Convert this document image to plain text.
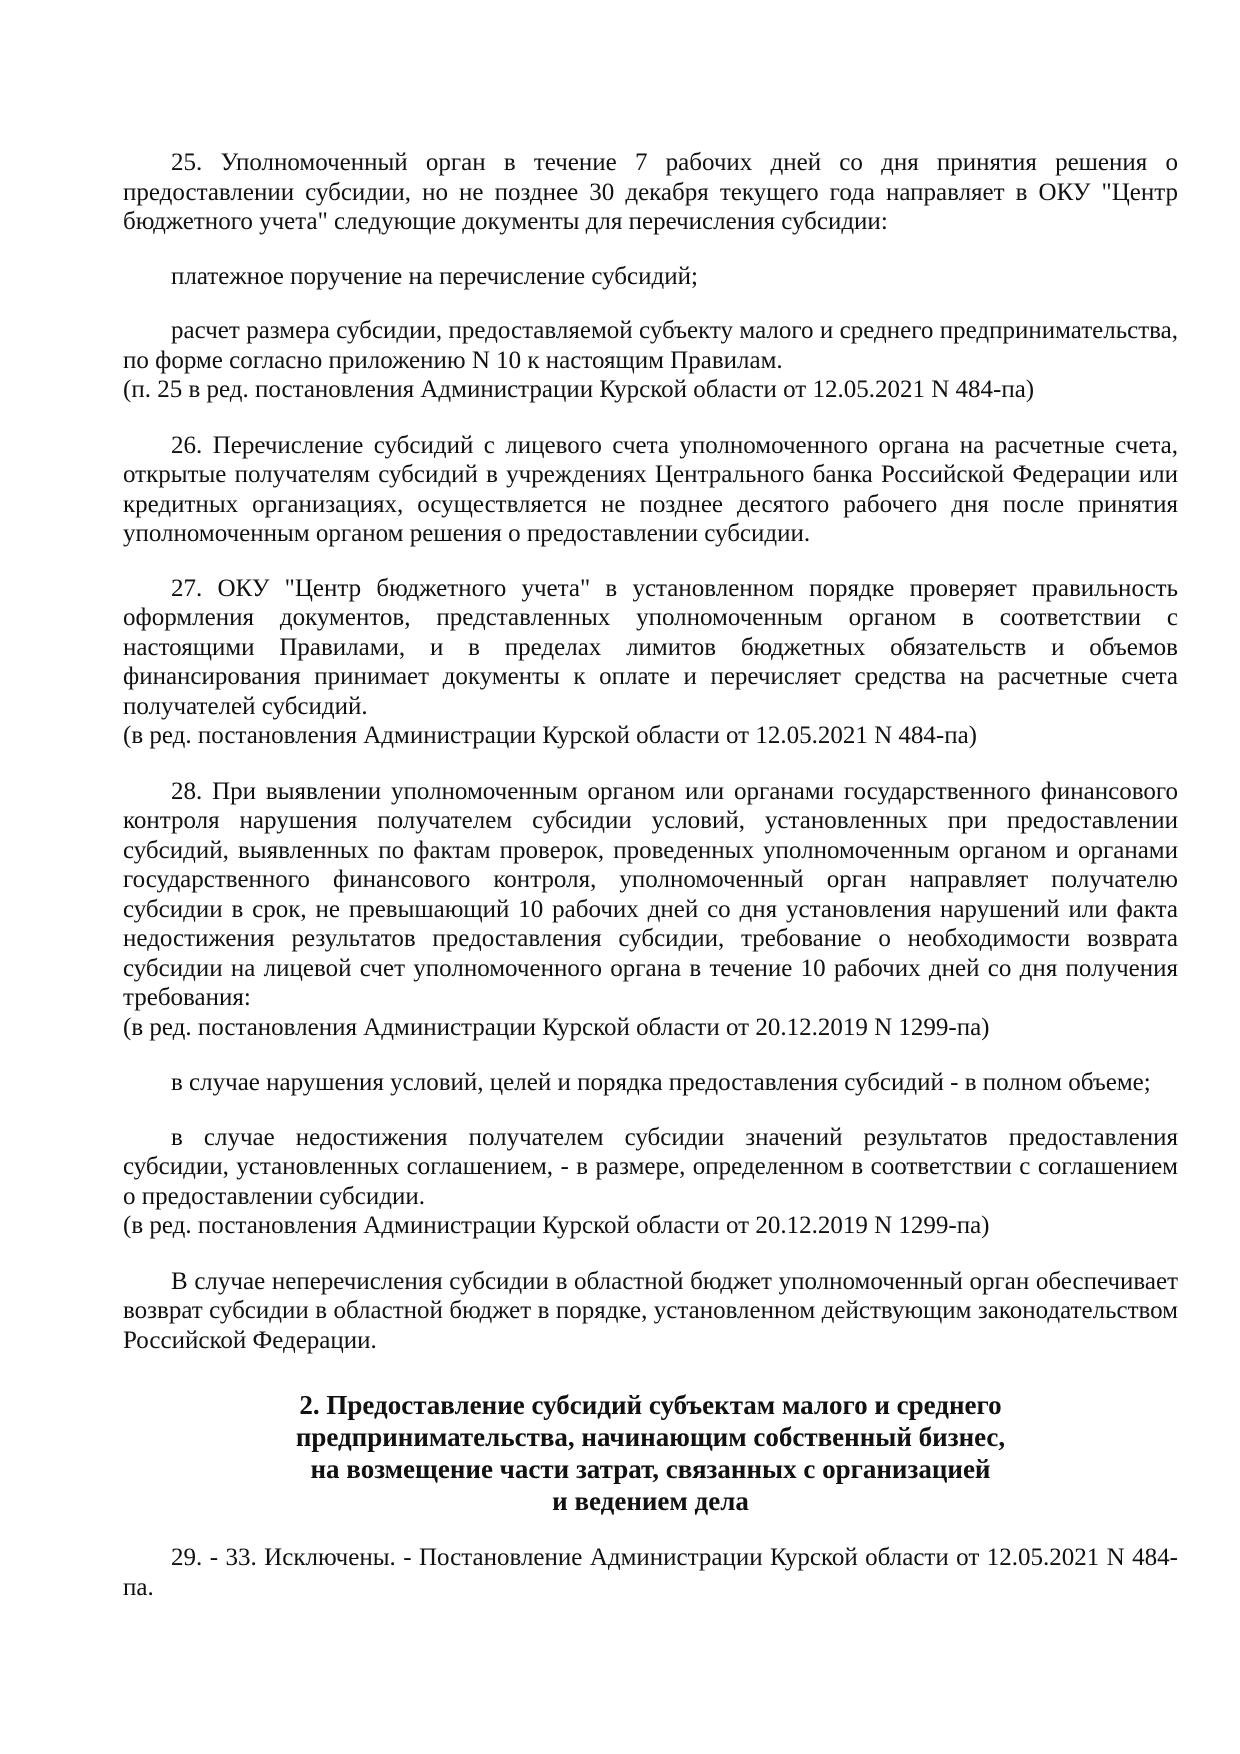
25. Уполномоченный орган в течение 7 рабочих дней со дня принятия решения о предоставлении субсидии, но не позднее 30 декабря текущего года направляет в ОКУ "Центр бюджетного учета" следующие документы для перечисления субсидии:

платежное поручение на перечисление субсидий;

расчет размера субсидии, предоставляемой субъекту малого и среднего предпринимательства, по форме согласно приложению N 10 к настоящим Правилам.

(п. 25 в ред. постановления Администрации Курской области от 12.05.2021 N 484-па)

26. Перечисление субсидий с лицевого счета уполномоченного органа на расчетные счета, открытые получателям субсидий в учреждениях Центрального банка Российской Федерации или кредитных организациях, осуществляется не позднее десятого рабочего дня после принятия уполномоченным органом решения о предоставлении субсидии.

27. ОКУ "Центр бюджетного учета" в установленном порядке проверяет правильность оформления документов, представленных уполномоченным органом в соответствии с настоящими Правилами, и в пределах лимитов бюджетных обязательств и объемов финансирования принимает документы к оплате и перечисляет средства на расчетные счета получателей субсидий.

(в ред. постановления Администрации Курской области от 12.05.2021 N 484-па)

28. При выявлении уполномоченным органом или органами государственного финансового контроля нарушения получателем субсидии условий, установленных при предоставлении субсидий, выявленных по фактам проверок, проведенных уполномоченным органом и органами государственного финансового контроля, уполномоченный орган направляет получателю субсидии в срок, не превышающий 10 рабочих дней со дня установления нарушений или факта недостижения результатов предоставления субсидии, требование о необходимости возврата субсидии на лицевой счет уполномоченного органа в течение 10 рабочих дней со дня получения требования:

(в ред. постановления Администрации Курской области от 20.12.2019 N 1299-па)

в случае нарушения условий, целей и порядка предоставления субсидий - в полном объеме;

в случае недостижения получателем субсидии значений результатов предоставления субсидии, установленных соглашением, - в размере, определенном в соответствии с соглашением о предоставлении субсидии.

(в ред. постановления Администрации Курской области от 20.12.2019 N 1299-па)

В случае неперечисления субсидии в областной бюджет уполномоченный орган обеспечивает возврат субсидии в областной бюджет в порядке, установленном действующим законодательством Российской Федерации.

2. Предоставление субсидий субъектам малого и среднего
предпринимательства, начинающим собственный бизнес,
на возмещение части затрат, связанных с организацией
и ведением дела

29. - 33. Исключены. - Постановление Администрации Курской области от 12.05.2021 N 484-па.
